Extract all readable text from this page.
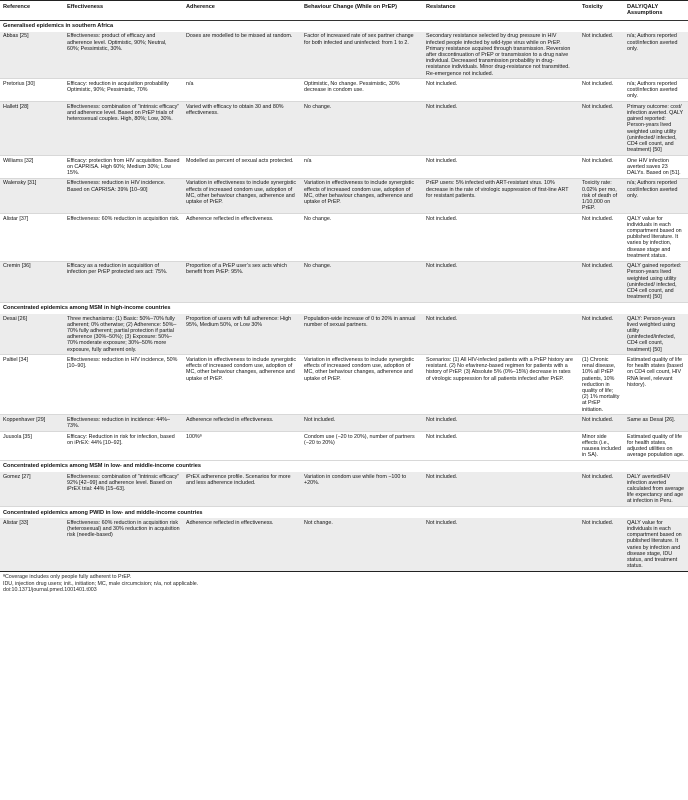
Reference	Effectiveness	Adherence	Behaviour Change (While on PrEP)	Resistance	Toxicity	DALY/QALY Assumptions
Generalised epidemics in southern Africa						
Abbas [25]	Effectiveness: product of efficacy and adherence level. Optimistic, 90%; Neutral, 60%; Pessimistic, 30%.	Doses are modelled to be missed at random.	Factor of increased rate of sex partner change for both infected and uninfected: from 1 to 2.	Secondary resistance selected by drug pressure in HIV infected people infected by wild-type virus while on PrEP. Primary resistance acquired through transmission. Reversion after discontinuation of PrEP or transmission to a drug naive individual. Decreased transmission probability in drug-resistance individuals. Minor drug-resistance not transmitted. Re-emergence not included.	Not included.	n/a; Authors reported cost/infection averted only.
Pretorius [30]	Efficacy: reduction in acquisition probability Optimistic, 90%; Pessimistic, 70%	n/a	Optimistic, No change. Pessimistic, 30% decrease in condom use.	Not included.	Not included.	n/a; Authors reported cost/infection averted only.
Hallett [28]	Effectiveness: combination of “intrinsic efficacy” and adherence level. Based on PrEP trials of heterosexual couples. High, 80%; Low, 30%.	Varied with efficacy to obtain 30 and 80% effectiveness.	No change.	Not included.	Not included.	Primary outcome: cost/ infection averted. QALY gained reported: Person-years lived weighted using utility (uninfected/ infected, CD4 cell count, and treatment) [50]
Williams [32]	Efficacy: protection from HIV acquisition. Based on CAPRISA. High 60%; Medium 30%; Low 15%.	Modelled as percent of sexual acts protected.	n/a	Not included.	Not included.	One HIV infection averted saves 23 DALYs. Based on [51].
Walensky [31]	Effectiveness: reduction in HIV incidence. Based on CAPRISA: 39% [10–90]	Variation in effectiveness to include synergistic effects of increased condom use, adoption of MC, other behaviour changes, adherence and uptake of PrEP.	Variation in effectiveness to include synergistic effects of increased condom use, adoption of MC, other behaviour changes, adherence and uptake of PrEP.	PrEP users: 5% infected with ART-resistant virus. 10% decrease in the rate of virologic suppression of first-line ART for resistant patients.	Toxicity rate: 0.02% per mo, risk of death of 1/10,000 on PrEP.	n/a; Authors reported cost/infection averted only.
Alistar [37]	Effectiveness: 60% reduction in acquisition risk.	Adherence reflected in effectiveness.	No change.	Not included.	Not included.	QALY value for individuals in each compartment based on published literature. It varies by infection, disease stage and treatment status.
Cremin [36]	Efficacy as a reduction in acquisition of infection per PrEP protected sex act: 75%.	Proportion of a PrEP user’s sex acts which benefit from PrEP: 95%.	No change.	Not included.	Not included.	QALY gained reported: Person-years lived weighted using utility (uninfected/ infected, CD4 cell count, and treatment) [50]
Concentrated epidemics among MSM in high-income countries						
Desai [26]	Three mechanisms: (1) Basic: 50%–70% fully adherent; 0% otherwise; (2) Adherence: 50%–70% fully adherent; partial protection if partial adherence (30%–50%); (3) Exposure: 50%–70% moderate exposure; 30%–50% more exposure, fully adherent only.	Proportion of users with full adherence: High 95%, Medium 50%, or Low 30%	Population-wide increase of 0 to 20% in annual number of sexual partners.	Not included.	Not included.	QALY: Person-years lived weighted using utility (uninfected/infected, CD4 cell count, treatment) [50]
Paltiel [34]	Effectiveness: reduction in HIV incidence, 50% [10–90].	Variation in effectiveness to include synergistic effects of increased condom use, adoption of MC, other behaviour changes, adherence and uptake of PrEP.	Variation in effectiveness to include synergistic effects of increased condom use, adoption of MC, other behaviour changes, adherence and uptake of PrEP.	Scenarios: (1) All HIV-infected patients with a PrEP history are resistant. (2) No efavirenz-based regimen for patients with a history of PrEP. (3) Absolute 5% (0%–15%) decrease in rates of virologic suppression for all patients infected after PrEP.	(1) Chronic renal disease, 10% all PrEP patients, 10% reduction in quality of life; (2) 1% mortality at PrEP initiation.	Estimated quality of life for health states (based on CD4 cell count, HIV RNA level, relevant history).
Koppenhaver [29]	Effectiveness: reduction in incidence: 44%–73%.	Adherence reflected in effectiveness.	Not included.	Not included.	Not included.	Same as Desai [26].
Juusola [35]	Efficacy: Reduction in risk for infection, based on iPrEX: 44% [10–92].	100%ª	Condom use (−20 to 20%), number of partners (−20 to 20%)	Not included.	Minor side effects (i.e., nausea included in SA).	Estimated quality of life for health states, adjusted utilities on average population age.
Concentrated epidemics among MSM in low- and middle-income countries						
Gomez [27]	Effectiveness: combination of “intrinsic efficacy” 92% [42–99] and adherence level. Based on iPrEX trial: 44% [15–63].	iPrEX adherence profile. Scenarios for more and less adherence included.	Variation in condom use while from −100 to +20%.	Not included.	Not included.	DALY averted/HIV infection averted calculated from average life expectancy and age at infection in Peru.
Concentrated epidemics among PWID in low- and middle-income countries						
Alistar [33]	Effectiveness: 60% reduction in acquisition risk (heterosexual) and 30% reduction in acquisition risk (needle-based)	Adherence reflected in effectiveness.	Not change.	Not included.	Not included.	QALY value for individuals in each compartment based on published literature. It varies by infection and disease stage, IDU status, and treatment status.
ªCoverage includes only people fully adherent to PrEP.
IDU, injection drug users; init., initiation; MC, male circumcision; n/a, not applicable.
doi:10.1371/journal.pmed.1001401.t003
